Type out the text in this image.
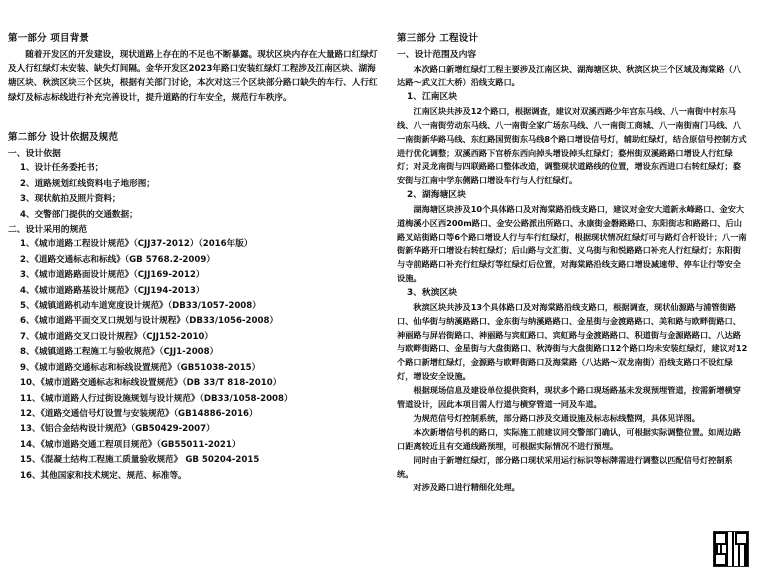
第一部分 项目背景

随着开发区的开发建设，现状道路上存在的不足也不断暴露。现状区块内存在大量路口红绿灯及人行红绿灯未安装、缺失灯间隔。金华开发区2023年路口安装红绿灯工程涉及江南区块、湖海塘区块、秋滨区块三个区块，根据有关部门讨论，本次对这三个区块部分路口缺失的车行、人行红绿灯及标志标线进行补充完善设计，提升道路的行车安全，规范行车秩序。

第二部分 设计依据及规范

一、设计依据

1、设计任务委托书；

2、道路规划红线资料电子地形图；

3、现状航拍及照片资料；

4、交警部门提供的交通数据；

二、设计采用的规范

1、《城市道路工程设计规范》（CJJ37-2012）（2016年版）

2、《道路交通标志和标线》（GB 5768.2-2009）

3、《城市道路路面设计规范》（CJJ169-2012）

4、《城市道路路基设计规范》（CJJ194-2013）

5、《城镇道路机动车道宽度设计规范》（DB33/1057-2008）

6、《城市道路平面交叉口规划与设计规程》（DB33/1056-2008）

7、《城市道路交叉口设计规程》（CJJ152-2010）

8、《城镇道路工程施工与验收规范》（CJJ1-2008）

9、《城市道路交通标志和标线设置规范》（GB51038-2015）

10、《城市道路交通标志和标线设置规范》（DB 33/T 818-2010）

11、《城市道路人行过街设施规划与设计规范》（DB33/1058-2008）

12、《道路交通信号灯设置与安装规范》（GB14886-2016）

13、《铝合金结构设计规范》（GB50429-2007）

14、《城市道路交通工程项目规范》（GB55011-2021）

15、《混凝土结构工程施工质量验收规范》 GB 50204-2015

16、其他国家和技术规定、规范、标准等。

第三部分 工程设计

一、设计范围及内容

本次路口新增红绿灯工程主要涉及江南区块、湖海塘区块、秋滨区块三个区域及海棠路（八达路～武义江大桥）沿线支路口。

1、江南区块

江南区块共涉及12个路口，根据调查，建议对双溪西路少年宫东马线、八一南街中村东马线、八一南街劳动东马线、八一南街全家广场东马线、八一南街工商城、八一南街南门马线、八一南街新华路马线、东红路国贸街东马线8个路口增设信号灯，辅助红绿灯，结合原信号控制方式进行优化调整；双溪西路下官桥东西向掉头增设掉头红绿灯；婺州街双溪路路口增设人行红绿灯；对灵龙南街与四联路路口整体改造，调整现状道路线的位置，增设东西进口右转红绿灯；婺安街与江南中学东侧路口增设车行与人行红绿灯。

2、湖海塘区块

湖海塘区块涉及10个具体路口及对海棠路沿线支路口，建议对金安大道新永峰路口、金安大道梅溪小区西200m路口、金安公路派出所路口、永康街金磐路路口、东阳街志和路路口、后山路叉站街路口等6个路口增设人行与车行红绿灯，根据现状情况红绿灯可与路灯合杆设计；八一南街新华路开口增设右转红绿灯；后山路与文汇街、义乌街与和悦路路口补充人行红绿灯；东阳街与寺前路路口补充行红绿灯等红绿灯后位置，对海棠路沿线支路口增设减速带、停车让行等安全设施。

3、秋滨区块

秋滨区块共涉及13个具体路口及对海棠路沿线支路口，根据调查，现状仙源路与浦管街路口、仙华街与纳溪路路口、金东街与纳溪路路口、金星街与金渡路路口、美和路与欧畔街路口、神丽路与屏岩街路口、神丽路与宾虹路口、宾虹路与金渡路路口、积道街与金源路路口、八达路与欧畔街路口、金星街与大盘街路口、秋涛街与大盘街路口12个路口均未安装红绿灯，建议对12个路口新增红绿灯，金源路与欧畔街路口及海棠路（八达路～双龙南街）沿线支路口不设红绿灯，增设安全设施。

根据现场信息及建设单位提供资料，现状多个路口现场路基未发现预埋管道，按需新增横穿管道设计，因此本项目需人行道与横穿管道一同及车道。

为规范信号灯控制系统，部分路口涉及交通设施及标志标线整网，具体见详图。

本次新增信号机的路口，实际施工前建议同交警部门确认，可根据实际调整位置。如周边路口距离较近且有交通线路预埋，可根据实际情况不进行预埋。

同时由于新增红绿灯，部分路口现状采用运行标识等标牌需进行调整以匹配信号灯控制系统。

对涉及路口进行精细化处理。
